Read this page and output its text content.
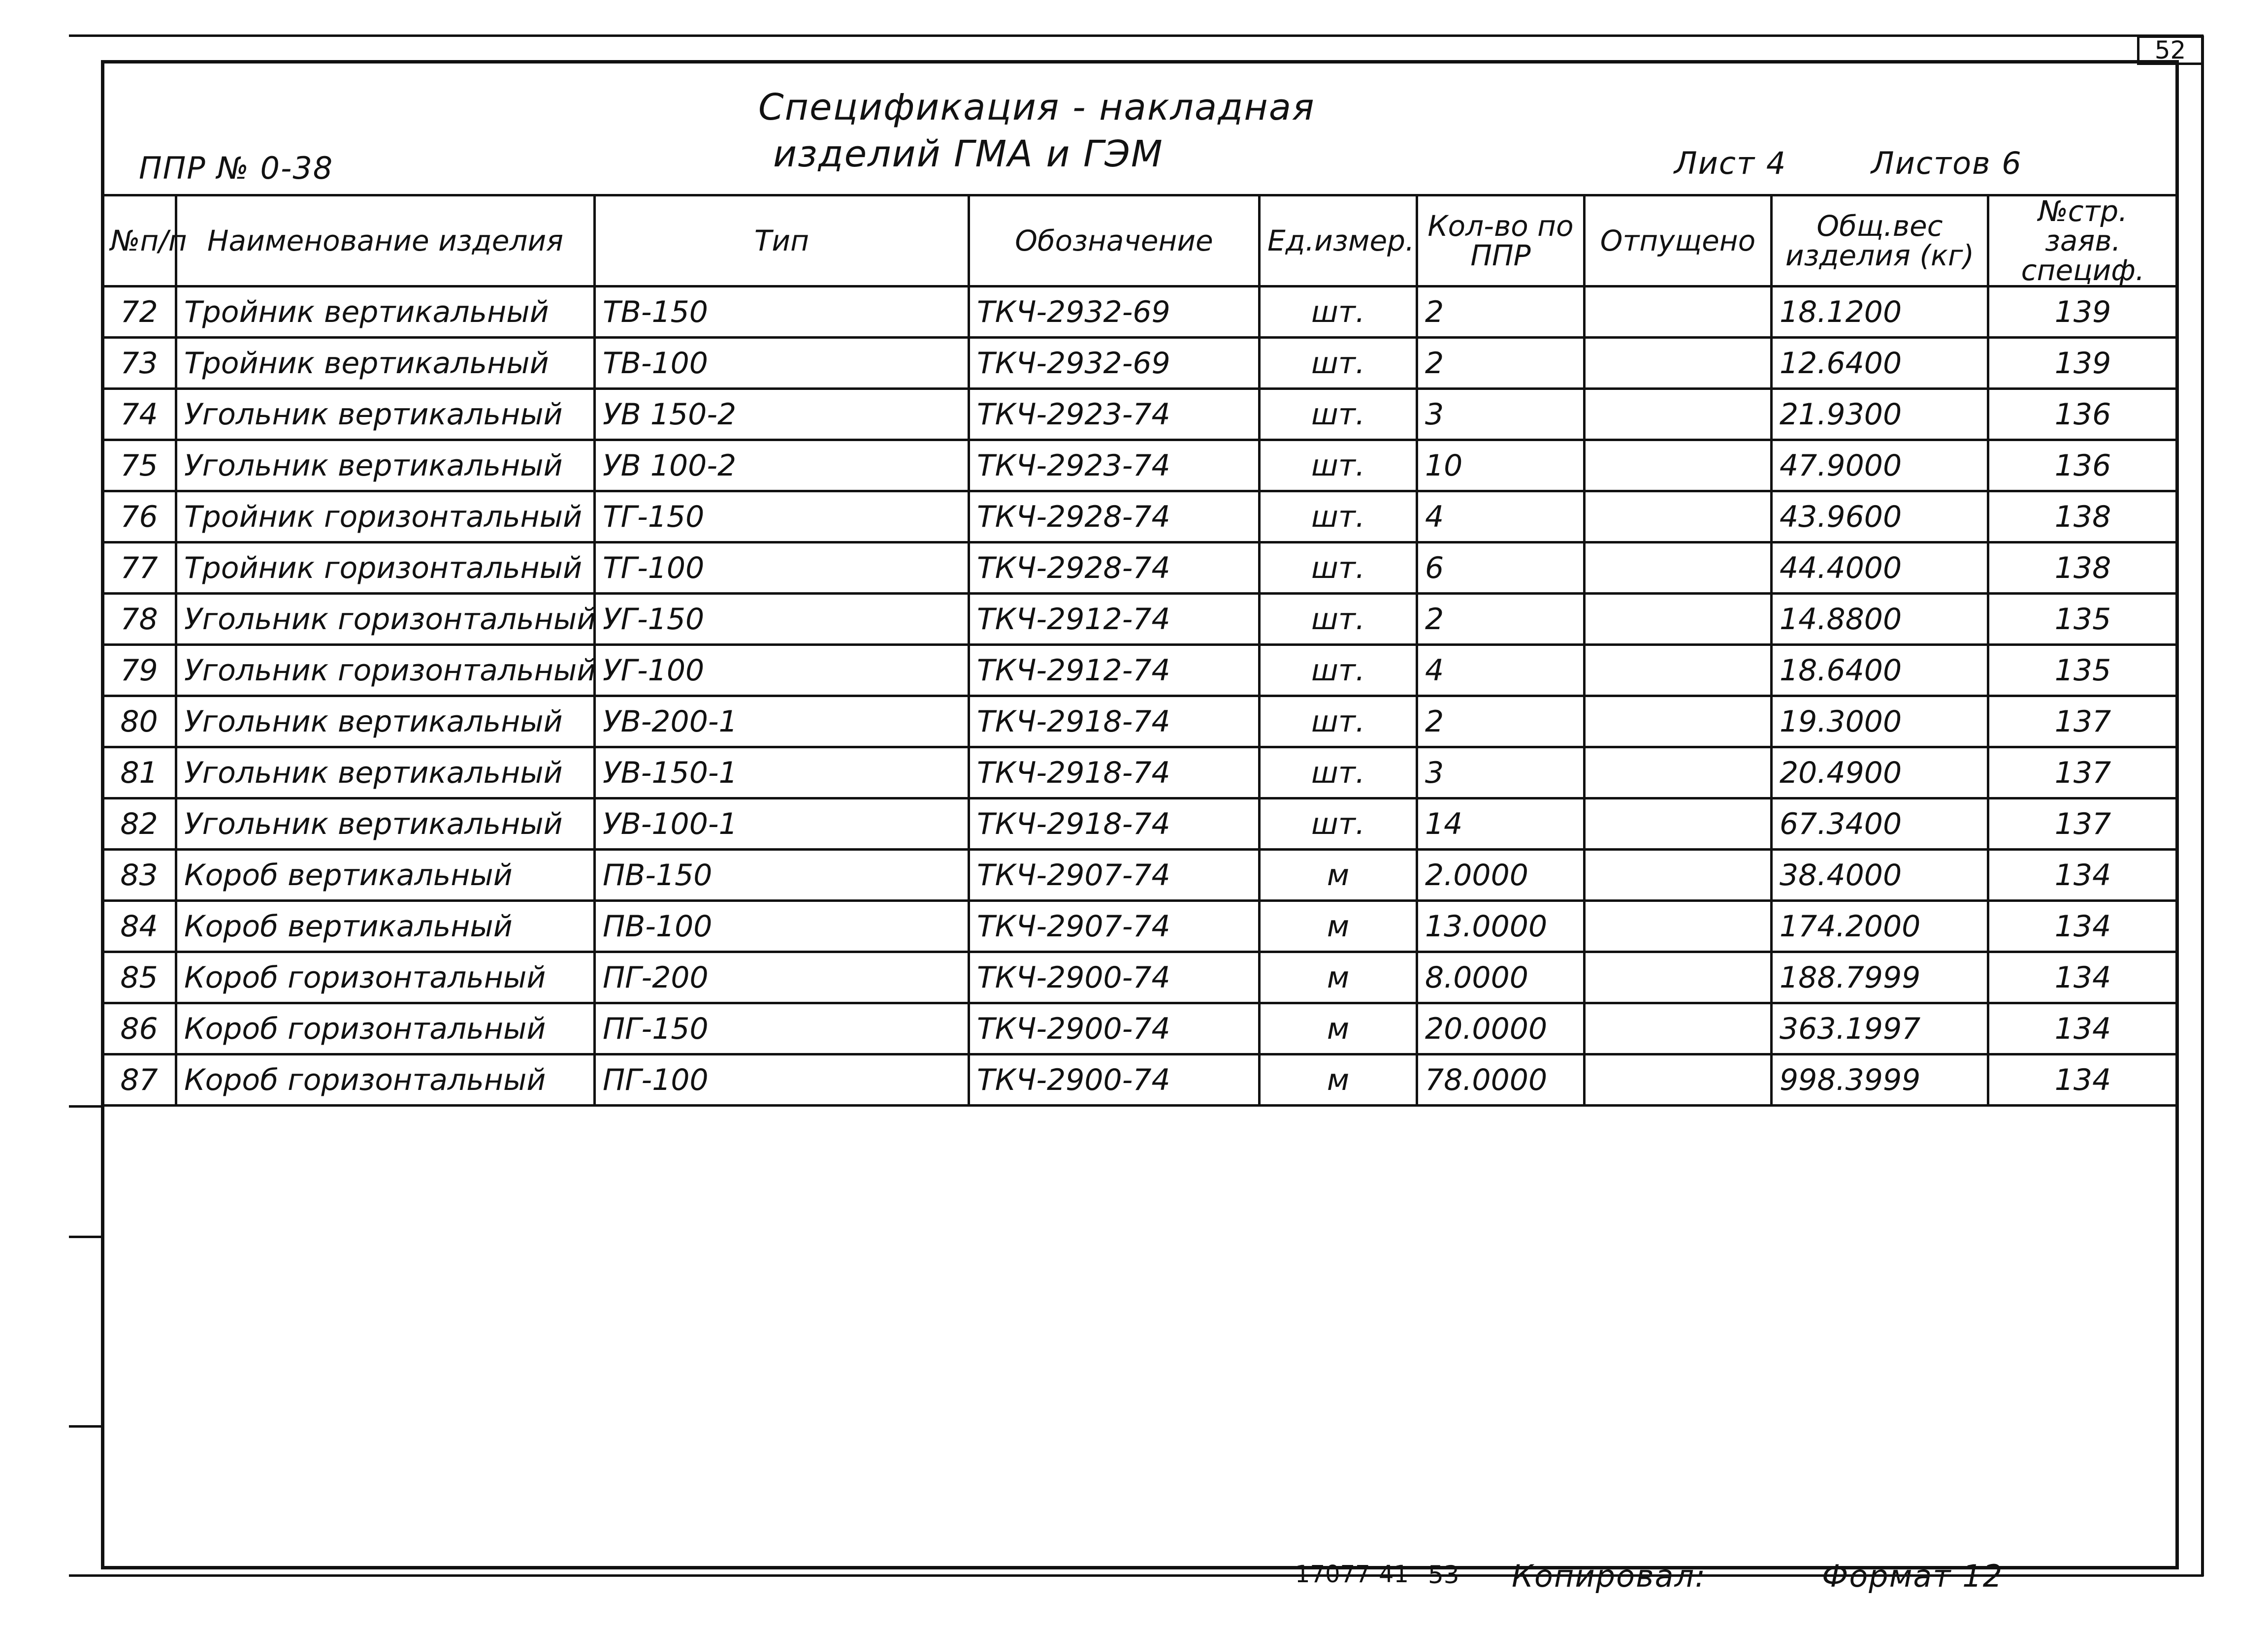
52
Спецификация - накладная
изделий ГМА и ГЭМ
ППР № 0-38	Лист 4	Листов 6
№п/п	Наименование изделия	Тип	Обозначение	Ед.измер.	Кол-во по ППР	Отпущено	Общ.вес изделия (кг)	№стр. заяв. специф.
72	Тройник вертикальный	ТВ-150	ТКЧ-2932-69	шт.	2		18.1200	139
73	Тройник вертикальный	ТВ-100	ТКЧ-2932-69	шт.	2		12.6400	139
74	Угольник вертикальный	УВ 150-2	ТКЧ-2923-74	шт.	3		21.9300	136
75	Угольник вертикальный	УВ 100-2	ТКЧ-2923-74	шт.	10		47.9000	136
76	Тройник горизонтальный	ТГ-150	ТКЧ-2928-74	шт.	4		43.9600	138
77	Тройник горизонтальный	ТГ-100	ТКЧ-2928-74	шт.	6		44.4000	138
78	Угольник горизонтальный	УГ-150	ТКЧ-2912-74	шт.	2		14.8800	135
79	Угольник горизонтальный	УГ-100	ТКЧ-2912-74	шт.	4		18.6400	135
80	Угольник вертикальный	УВ-200-1	ТКЧ-2918-74	шт.	2		19.3000	137
81	Угольник вертикальный	УВ-150-1	ТКЧ-2918-74	шт.	3		20.4900	137
82	Угольник вертикальный	УВ-100-1	ТКЧ-2918-74	шт.	14		67.3400	137
83	Короб вертикальный	ПВ-150	ТКЧ-2907-74	м	2.0000		38.4000	134
84	Короб вертикальный	ПВ-100	ТКЧ-2907-74	м	13.0000		174.2000	134
85	Короб горизонтальный	ПГ-200	ТКЧ-2900-74	м	8.0000		188.7999	134
86	Короб горизонтальный	ПГ-150	ТКЧ-2900-74	м	20.0000		363.1997	134
87	Короб горизонтальный	ПГ-100	ТКЧ-2900-74	м	78.0000		998.3999	134
17077-41 53 Копировал:	Формат 12
